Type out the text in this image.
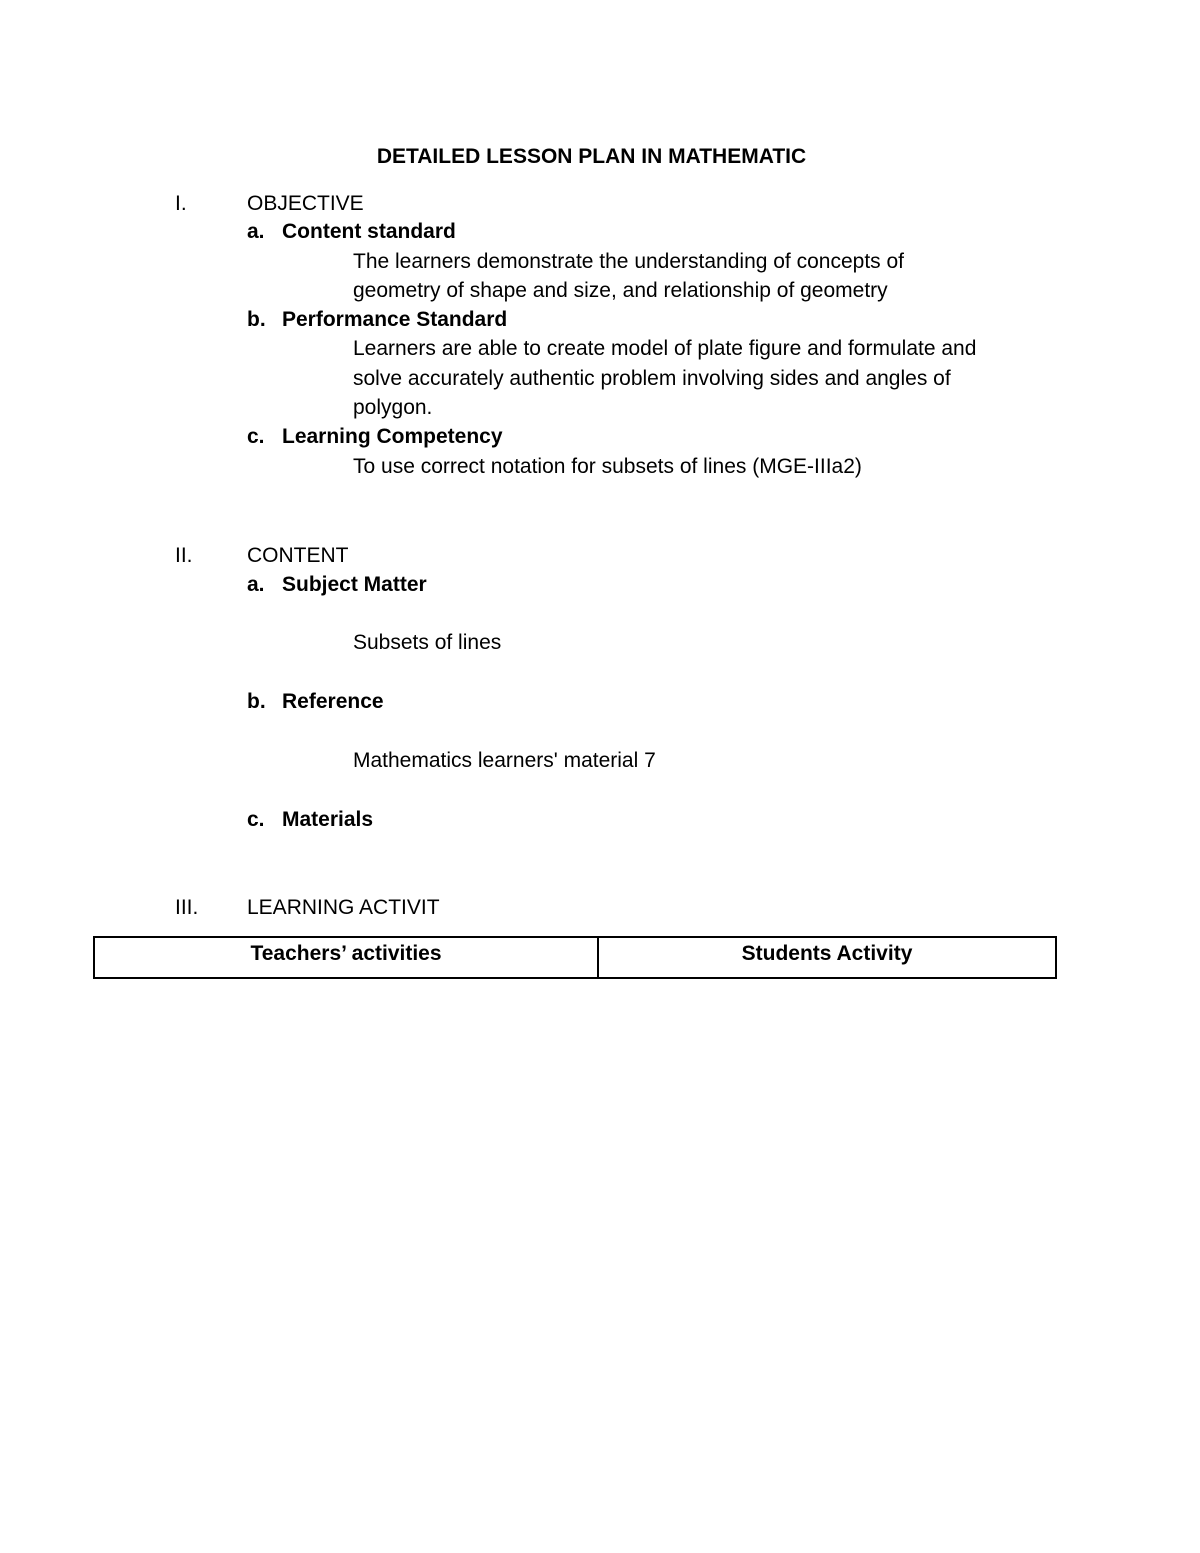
DETAILED LESSON PLAN IN MATHEMATIC
I.	OBJECTIVE
a. Content standard
The learners demonstrate the understanding of concepts of
geometry of shape and size, and relationship of geometry
b. Performance Standard
Learners are able to create model of plate figure and formulate and
solve accurately authentic problem involving sides and angles of
polygon.
c. Learning Competency
To use correct notation for subsets of lines (MGE-IIIa2)
II.	CONTENT
a. Subject Matter
Subsets of lines
b. Reference
Mathematics learners' material 7
c. Materials
III. LEARNING ACTIVIT
Teachers’ activities	Students Activity
